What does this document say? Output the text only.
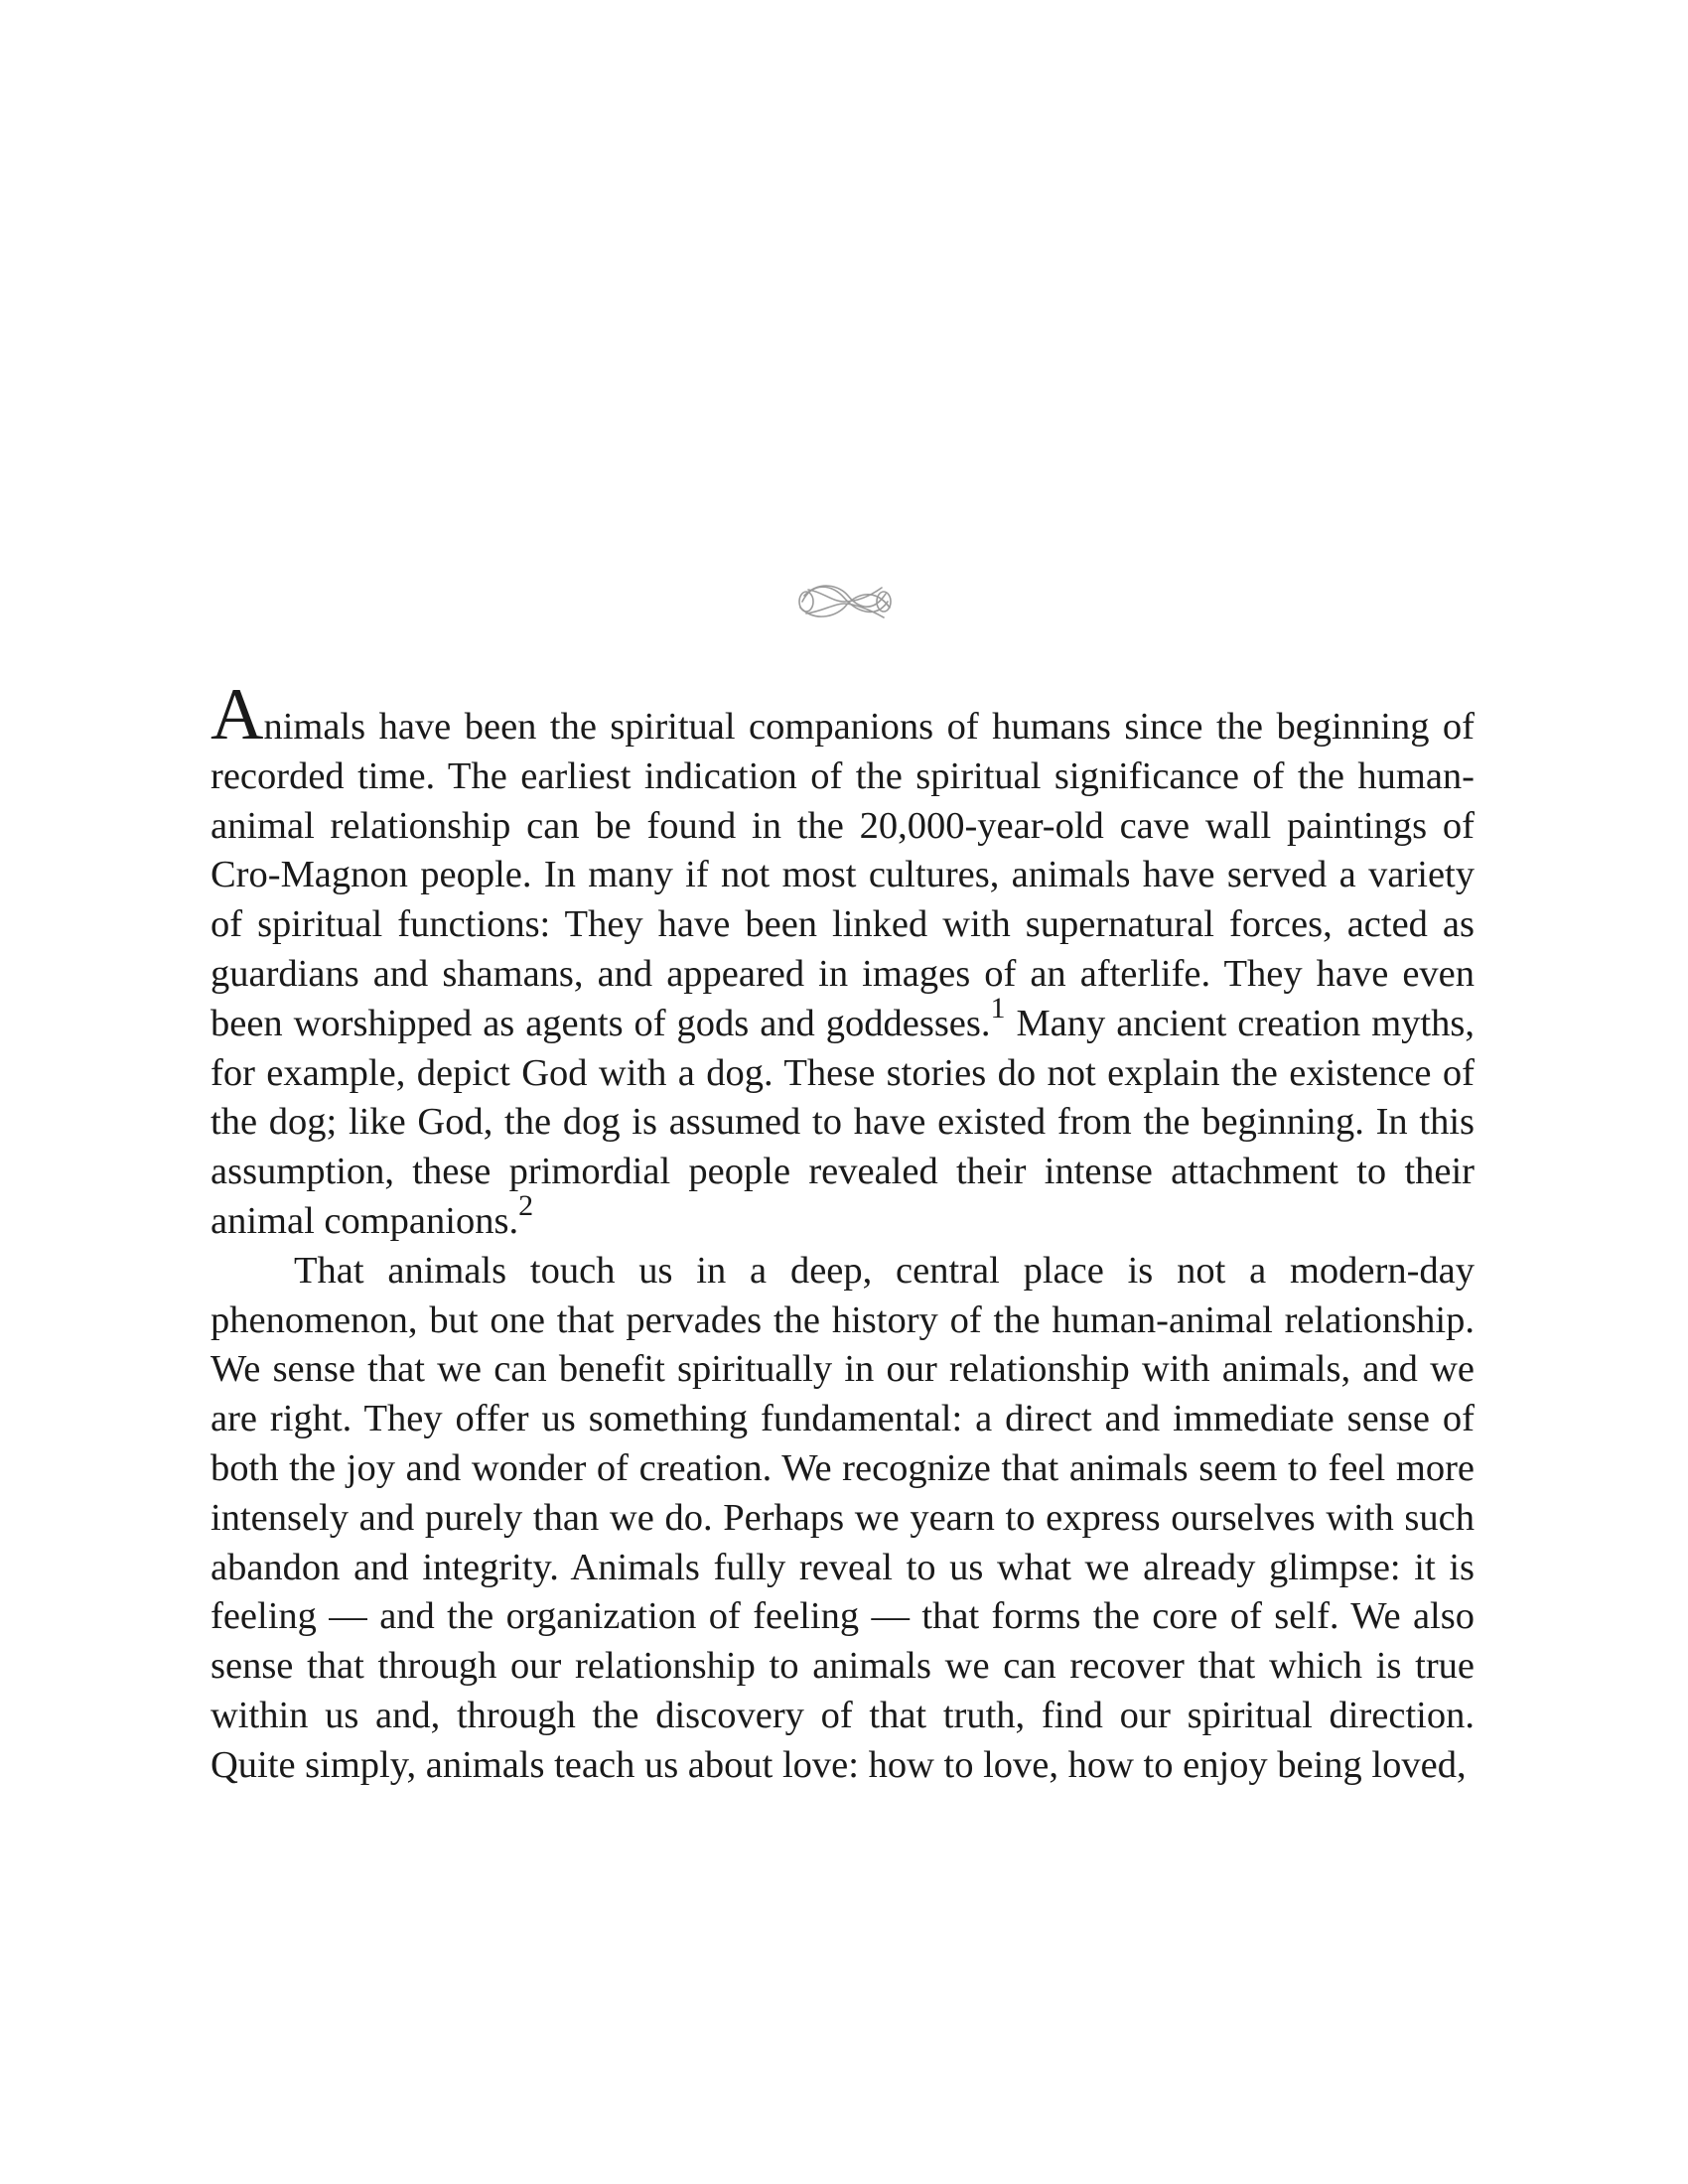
Animals have been the spiritual companions of humans since the beginning of recorded time. The earliest indication of the spiritual significance of the human-animal relationship can be found in the 20,000-year-old cave wall paintings of Cro-Magnon people. In many if not most cultures, animals have served a variety of spiritual functions: They have been linked with supernatural forces, acted as guardians and shamans, and appeared in images of an afterlife. They have even been worshipped as agents of gods and goddesses.$^1$ Many ancient creation myths, for example, depict God with a dog. These stories do not explain the existence of the dog; like God, the dog is assumed to have existed from the beginning. In this assumption, these primordial people revealed their intense attachment to their animal companions.$^2$

That animals touch us in a deep, central place is not a modern-day phenomenon, but one that pervades the history of the human-animal relationship. We sense that we can benefit spiritually in our relationship with animals, and we are right. They offer us something fundamental: a direct and immediate sense of both the joy and wonder of creation. We recognize that animals seem to feel more intensely and purely than we do. Perhaps we yearn to express ourselves with such abandon and integrity. Animals fully reveal to us what we already glimpse: it is feeling — and the organization of feeling — that forms the core of self. We also sense that through our relationship to animals we can recover that which is true within us and, through the discovery of that truth, find our spiritual direction. Quite simply, animals teach us about love: how to love, how to enjoy being loved,
